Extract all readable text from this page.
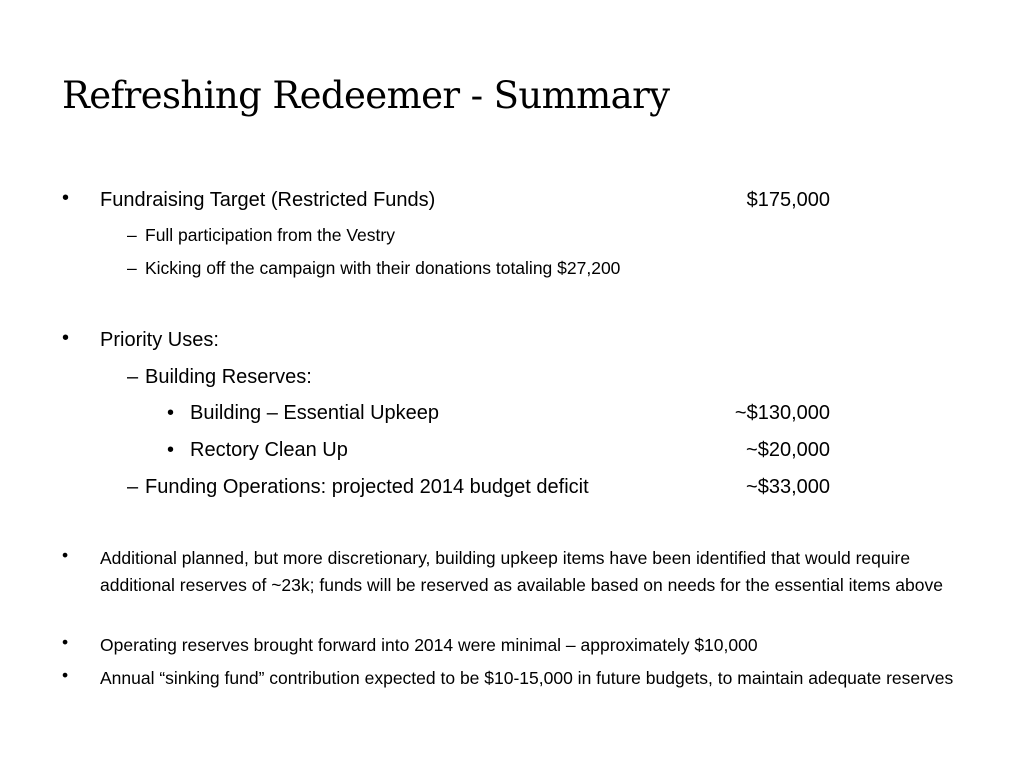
Refreshing Redeemer - Summary
• Fundraising Target (Restricted Funds)	$175,000
– Full participation from the Vestry
– Kicking off the campaign with their donations totaling $27,200
• Priority Uses:
– Building Reserves:
• Building – Essential Upkeep	~$130,000
• Rectory Clean Up	~$20,000
– Funding Operations: projected 2014 budget deficit	~$33,000
• Additional planned, but more discretionary, building upkeep items have been identified that would require additional reserves of ~23k; funds will be reserved as available based on needs for the essential items above
• Operating reserves brought forward into 2014 were minimal – approximately $10,000
• Annual “sinking fund” contribution expected to be $10-15,000 in future budgets, to maintain adequate reserves
